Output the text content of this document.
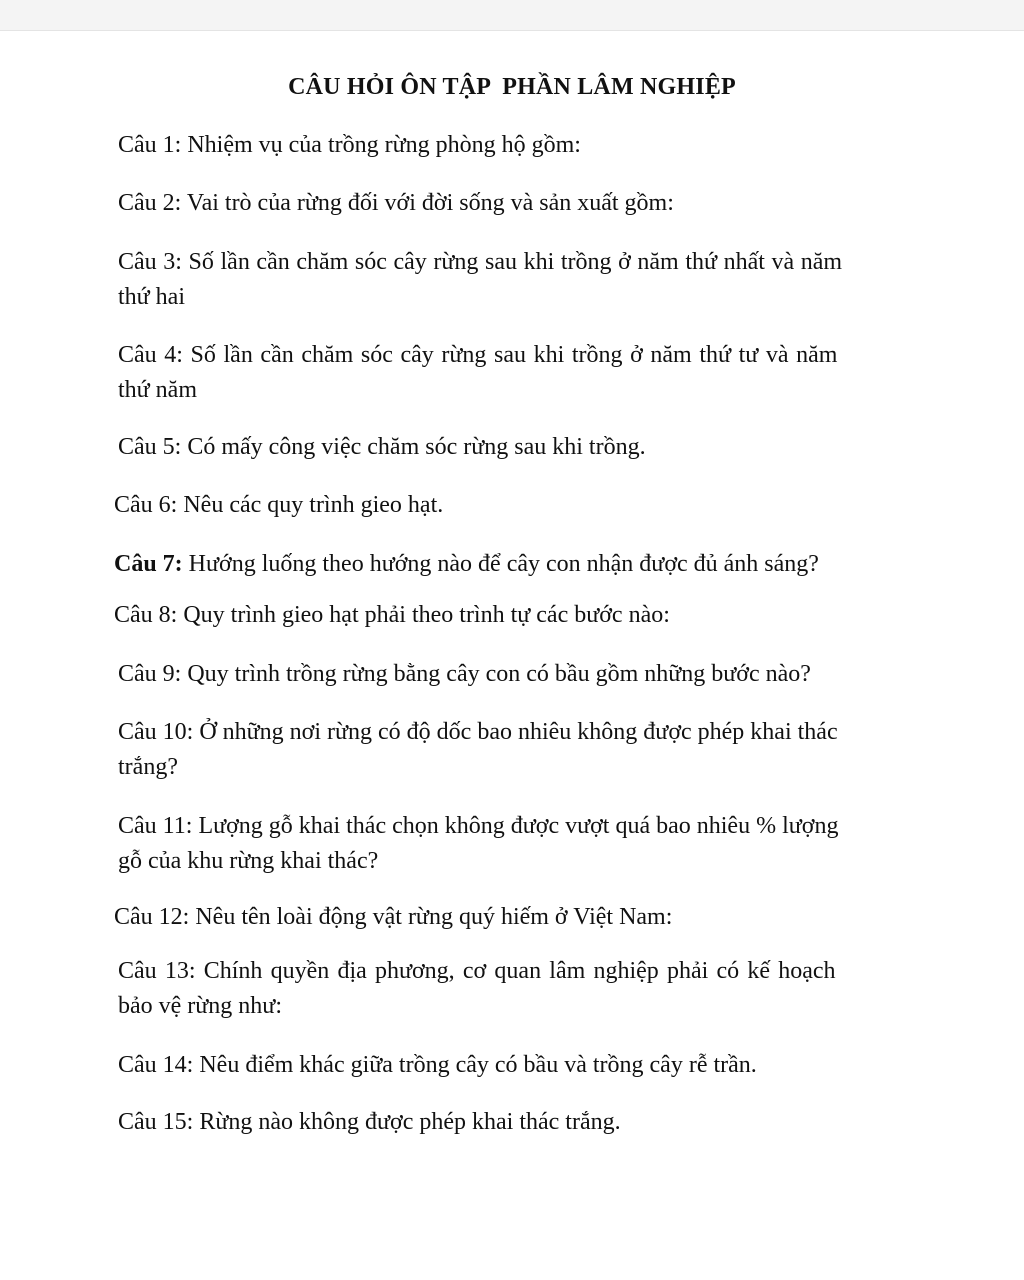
CÂU HỎI ÔN TẬP  PHẦN LÂM NGHIỆP
Câu 1: Nhiệm vụ của trồng rừng phòng hộ gồm:
Câu 2: Vai trò của rừng đối với đời sống và sản xuất gồm:
Câu 3: Số lần cần chăm sóc cây rừng sau khi trồng ở năm thứ nhất và năm
thứ hai
Câu 4: Số lần cần chăm sóc cây rừng sau khi trồng ở năm thứ tư và năm
thứ năm
Câu 5: Có mấy công việc chăm sóc rừng sau khi trồng.
Câu 6: Nêu các quy trình gieo hạt.
Câu 7: Hướng luống theo hướng nào để cây con nhận được đủ ánh sáng?
Câu 8: Quy trình gieo hạt phải theo trình tự các bước nào:
Câu 9: Quy trình trồng rừng bằng cây con có bầu gồm những bước nào?
Câu 10: Ở những nơi rừng có độ dốc bao nhiêu không được phép khai thác
trắng?
Câu 11: Lượng gỗ khai thác chọn không được vượt quá bao nhiêu % lượng
gỗ của khu rừng khai thác?
Câu 12: Nêu tên loài động vật rừng quý hiếm ở Việt Nam:
Câu 13: Chính quyền địa phương, cơ quan lâm nghiệp phải có kế hoạch
bảo vệ rừng như:
Câu 14: Nêu điểm khác giữa trồng cây có bầu và trồng cây rễ trần.
Câu 15: Rừng nào không được phép khai thác trắng.
